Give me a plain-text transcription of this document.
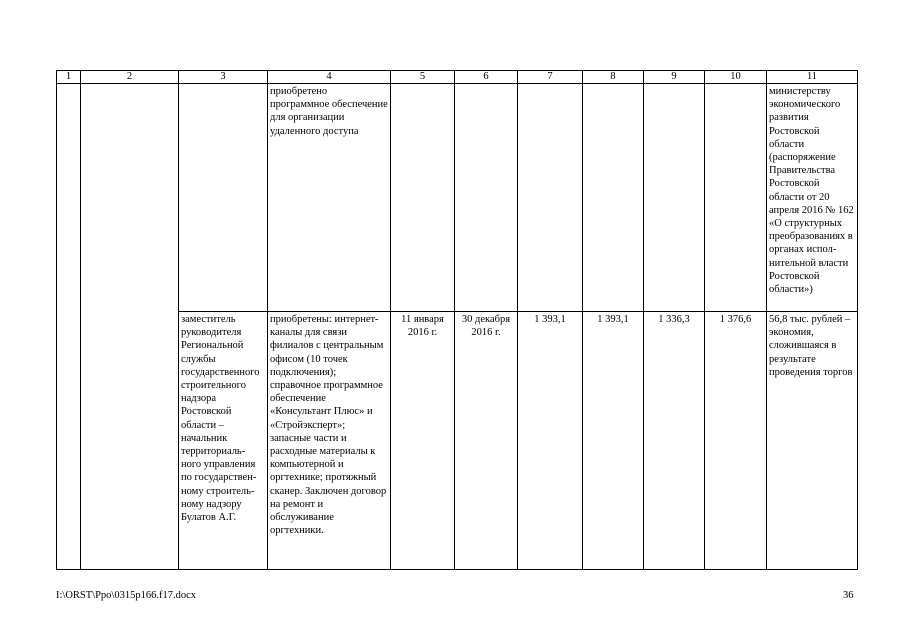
1	2	3	4	5	6	7	8	9	10	11
			приобретено программное обеспечение для организации удаленного доступа							министерству экономического развития Ростовской области (распоряжение Правительства Ростовской области от 20 апреля 2016 № 162 «О структурных преобразованиях в органах испол-нительной власти Ростовской области»)
		заместитель руководителя Региональной службы государственного строительного надзора Ростовской области – начальник территориаль-ного управления по государствен-ному строитель-ному надзору Булатов А.Г.	приобретены: интернет-каналы для связи филиалов с центральным офисом (10 точек подключения); справочное программное обеспечение «Консультант Плюс» и «Стройэксперт»; запасные части и расходные материалы к компьютерной и оргтехнике; протяжный сканер. Заключен договор на ремонт и обслуживание оргтехники.	11 января 2016 г.	30 декабря 2016 г.	1 393,1	1 393,1	1 336,3	1 376,6	56,8 тыс. рублей – экономия, сложившаяся в результате проведения торгов
I:\ORST\Ppo\0315p166.f17.docx	36
